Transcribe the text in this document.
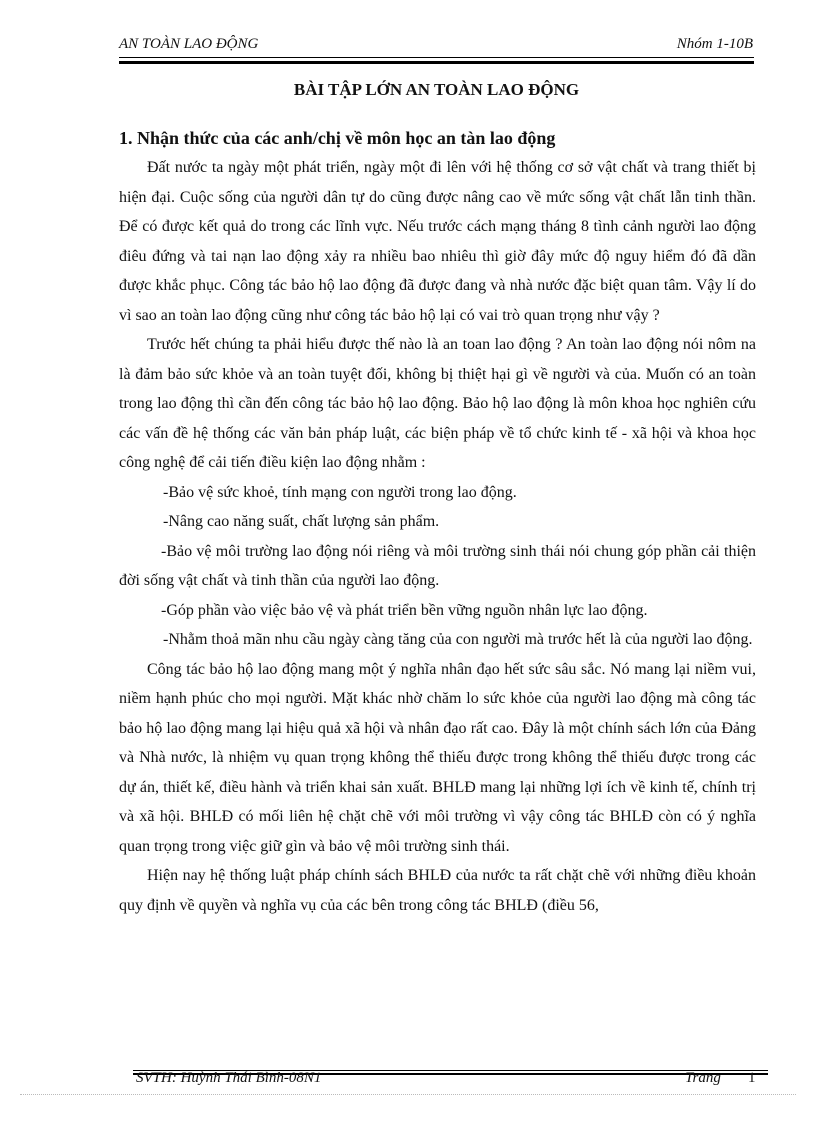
AN TOÀN LAO ĐỘNG	Nhóm 1-10B
BÀI TẬP LỚN AN TOÀN LAO ĐỘNG
1. Nhận thức của các anh/chị về môn học an tàn lao động

Đất nước ta ngày một phát triển, ngày một đi lên với hệ thống cơ sở vật chất và trang thiết bị hiện đại. Cuộc sống của người dân tự do cũng được nâng cao về mức sống vật chất lẫn tinh thần. Để có được kết quả do trong các lĩnh vực. Nếu trước cách mạng tháng 8 tình cảnh người lao động điêu đứng và tai nạn lao động xảy ra nhiều bao nhiêu thì giờ đây mức độ nguy hiểm đó đã dần được khắc phục. Công tác bảo hộ lao động đã được đang và nhà nước đặc biệt quan tâm. Vậy lí do vì sao an toàn lao động cũng như công tác bảo hộ lại có vai trò quan trọng như vậy ?

Trước hết chúng ta phải hiểu được thế nào là an toan lao động ? An toàn lao động nói nôm na là đảm bảo sức khỏe và an toàn tuyệt đối, không bị thiệt hại gì về người và của. Muốn có an toàn trong lao động thì cần đến công tác bảo hộ lao động. Bảo hộ lao động là môn khoa học nghiên cứu các vấn đề hệ thống các văn bản pháp luật, các biện pháp về tổ chức kinh tế - xã hội và khoa học công nghệ để cải tiến điều kiện lao động nhằm :

-Bảo vệ sức khoẻ, tính mạng con người trong lao động.

-Nâng cao năng suất, chất lượng sản phẩm.

-Bảo vệ môi trường lao động nói riêng và môi trường sinh thái nói chung góp phần cải thiện đời sống vật chất và tinh thần của người lao động.

-Góp phần vào việc bảo vệ và phát triển bền vững nguồn nhân lực lao động.

-Nhằm thoả mãn nhu cầu ngày càng tăng của con người mà trước hết là của người lao động.

Công tác bảo hộ lao động mang một ý nghĩa nhân đạo hết sức sâu sắc. Nó mang lại niềm vui, niềm hạnh phúc cho mọi người. Mặt khác nhờ chăm lo sức khỏe của người lao động mà công tác bảo hộ lao động mang lại hiệu quả xã hội và nhân đạo rất cao. Đây là một chính sách lớn của Đảng và Nhà nước, là nhiệm vụ quan trọng không thể thiếu được trong không thể thiếu được trong các dự án, thiết kế, điều hành và triển khai sản xuất. BHLĐ mang lại những lợi ích về kinh tế, chính trị và xã hội. BHLĐ có mối liên hệ chặt chẽ với môi trường vì vậy công tác BHLĐ còn có ý nghĩa quan trọng trong việc giữ gìn và bảo vệ môi trường sinh thái.

Hiện nay hệ thống luật pháp chính sách BHLĐ của nước ta rất chặt chẽ với những điều khoản quy định về quyền và nghĩa vụ của các bên trong công tác BHLĐ (điều 56,

SVTH: Huỳnh Thái Bình-08N1	Trang 1
